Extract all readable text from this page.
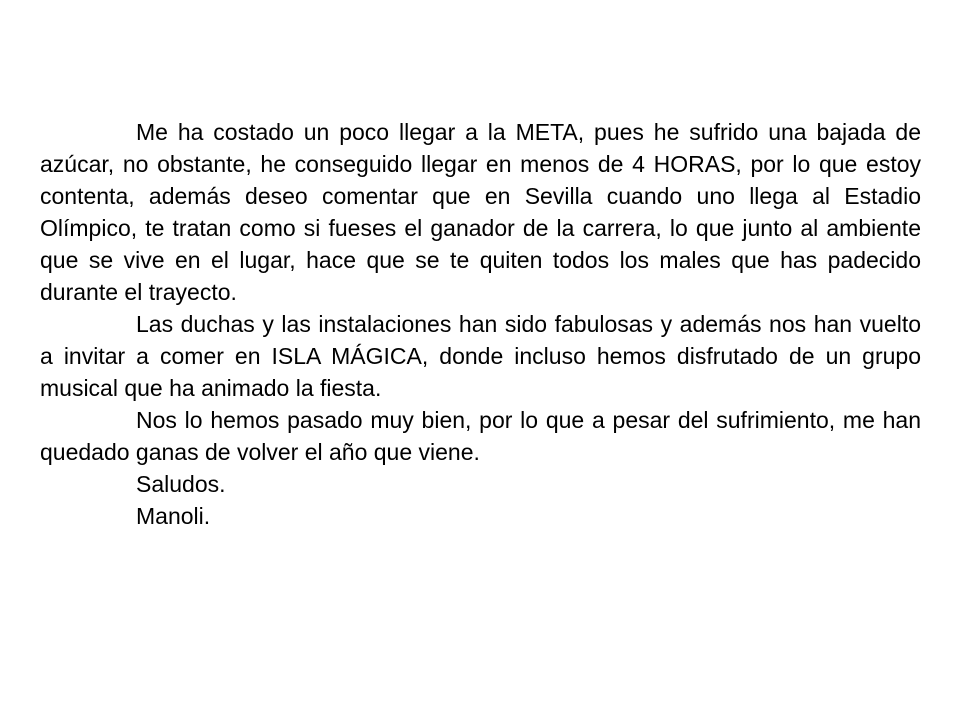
Me ha costado un poco llegar a la META, pues he sufrido una bajada de azúcar, no obstante, he conseguido llegar en menos de 4 HORAS, por lo que estoy contenta, además deseo comentar que en Sevilla cuando uno llega al Estadio Olímpico, te tratan como si fueses el ganador de la carrera, lo que junto al ambiente que se vive en el lugar, hace que se te quiten todos los males que has padecido durante el trayecto.

Las duchas y las instalaciones han sido fabulosas y además nos han vuelto a invitar a comer en ISLA MÁGICA, donde incluso hemos disfrutado de un grupo musical que ha animado la fiesta.

Nos lo hemos pasado muy bien, por lo que a pesar del sufrimiento, me han quedado ganas de volver el año que viene.

Saludos.

Manoli.
